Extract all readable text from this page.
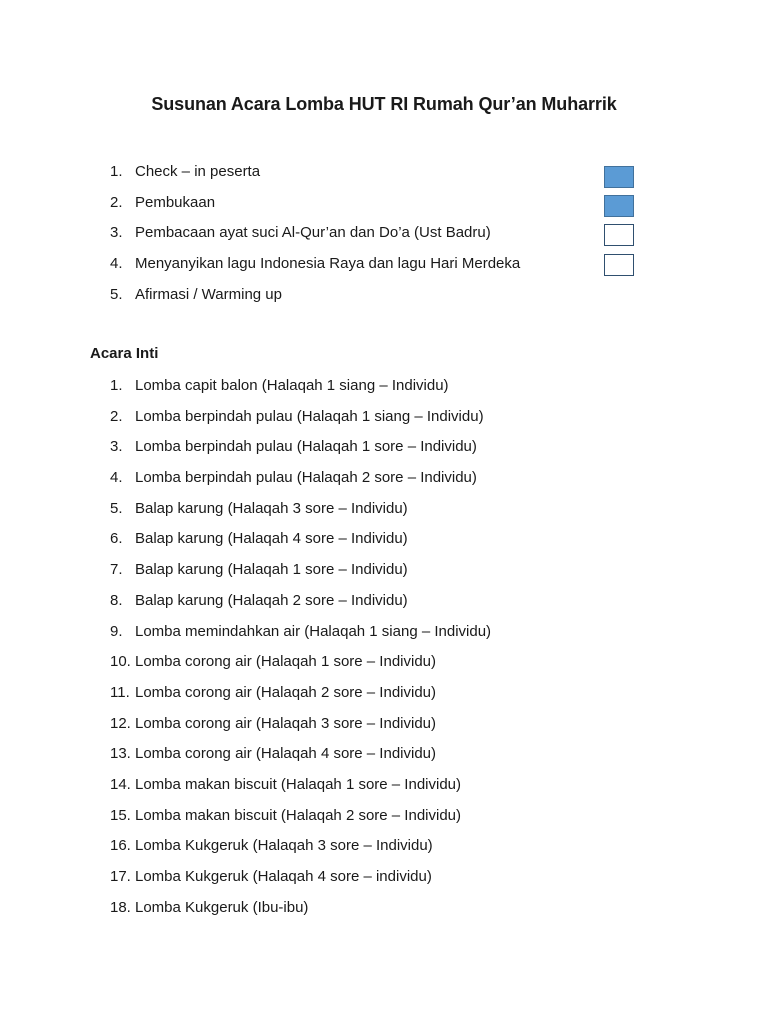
Susunan Acara Lomba HUT RI Rumah Qur’an Muharrik
1. Check – in peserta
2. Pembukaan
3. Pembacaan ayat suci Al-Qur’an dan Do’a (Ust Badru)
4. Menyanyikan lagu Indonesia Raya dan lagu Hari Merdeka
5. Afirmasi / Warming up
Acara Inti
1. Lomba capit balon (Halaqah 1 siang – Individu)
2. Lomba berpindah pulau (Halaqah 1 siang – Individu)
3. Lomba berpindah pulau (Halaqah 1 sore – Individu)
4. Lomba berpindah pulau (Halaqah 2 sore – Individu)
5. Balap karung (Halaqah 3 sore – Individu)
6. Balap karung (Halaqah 4 sore – Individu)
7. Balap karung (Halaqah 1 sore – Individu)
8. Balap karung (Halaqah 2 sore – Individu)
9. Lomba memindahkan air (Halaqah 1 siang – Individu)
10. Lomba corong air (Halaqah 1 sore – Individu)
11. Lomba corong air (Halaqah 2 sore – Individu)
12. Lomba corong air (Halaqah 3 sore – Individu)
13. Lomba corong air (Halaqah 4 sore – Individu)
14. Lomba makan biscuit (Halaqah 1 sore – Individu)
15. Lomba makan biscuit (Halaqah 2 sore – Individu)
16. Lomba Kukgeruk (Halaqah 3 sore – Individu)
17. Lomba Kukgeruk (Halaqah 4 sore – individu)
18. Lomba Kukgeruk (Ibu-ibu)
